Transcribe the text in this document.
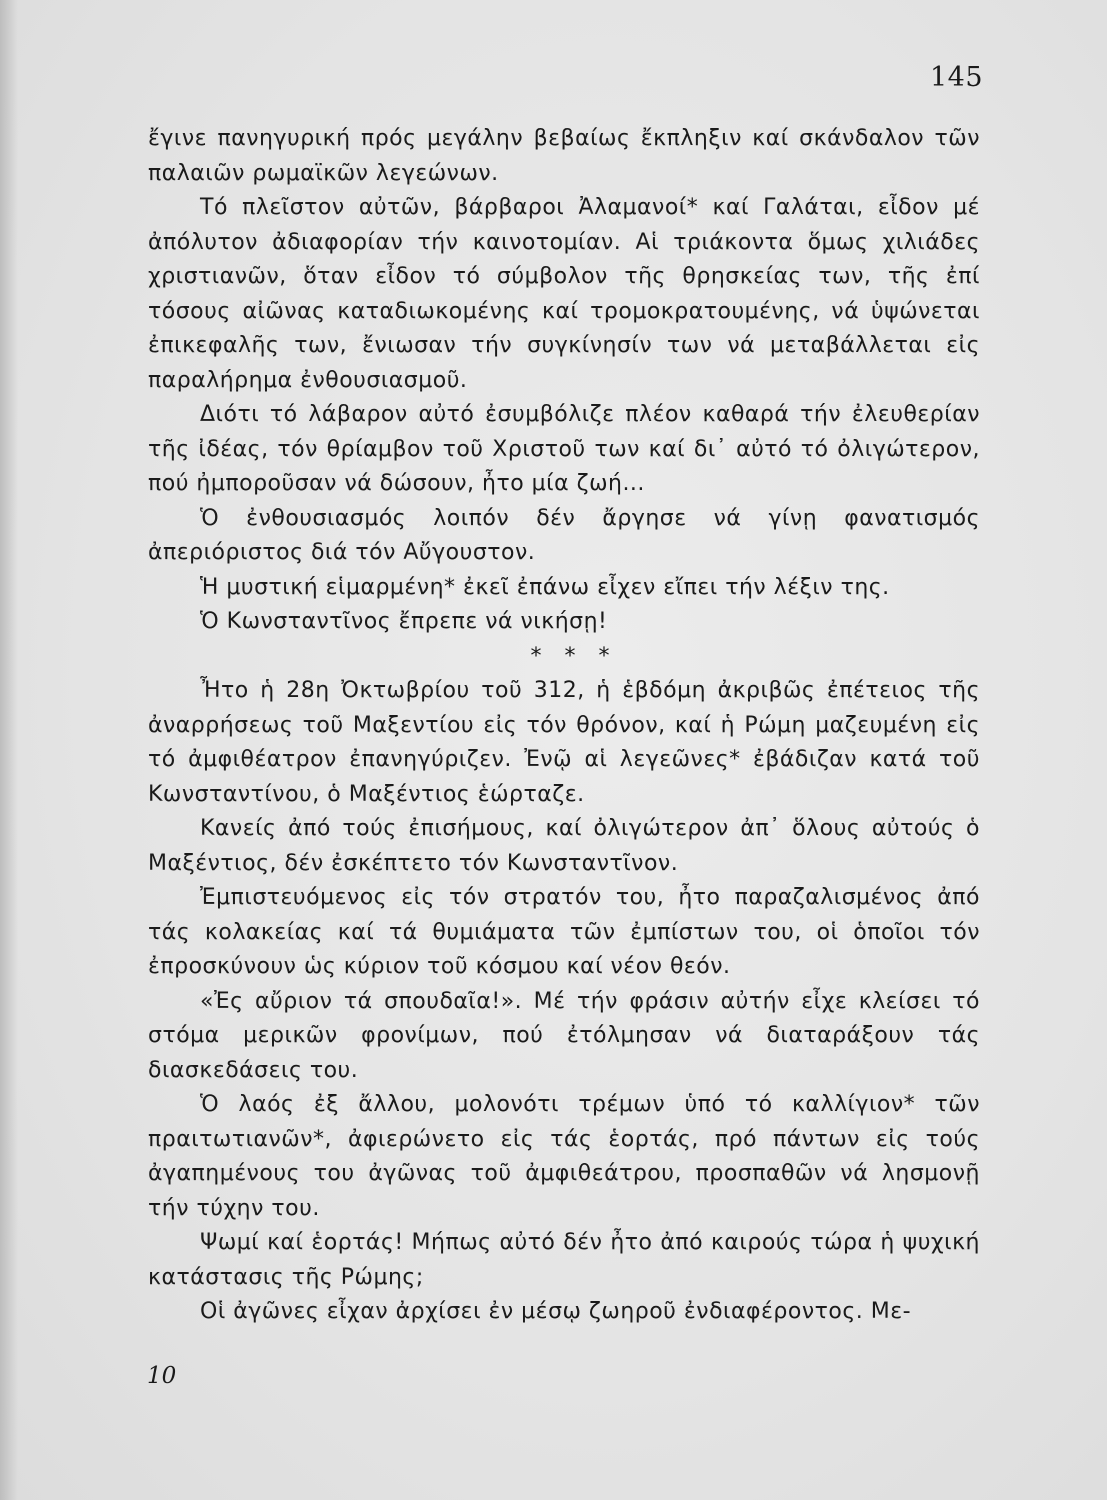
145

ἔγινε πανηγυρική πρός μεγάλην βεβαίως ἔκπληξιν καί σκάνδαλον τῶν παλαιῶν ρωμαϊκῶν λεγεώνων.

Τό πλεῖστον αὐτῶν, βάρβαροι Ἀλαμανοί* καί Γαλάται, εἶδον μέ ἀπόλυτον ἀδιαφορίαν τήν καινοτομίαν. Αἱ τριάκοντα ὅμως χιλιάδες χριστιανῶν, ὅταν εἶδον τό σύμβολον τῆς θρησκείας των, τῆς ἐπί τόσους αἰῶνας καταδιωκομένης καί τρομοκρατουμένης, νά ὑψώνεται ἐπικεφαλῆς των, ἔνιωσαν τήν συγκίνησίν των νά μεταβάλλεται εἰς παραλήρημα ἐνθουσιασμοῦ.

Διότι τό λάβαρον αὐτό ἐσυμβόλιζε πλέον καθαρά τήν ἐλευθερίαν τῆς ἰδέας, τόν θρίαμβον τοῦ Χριστοῦ των καί δι᾽ αὐτό τό ὀλιγώτερον, πού ἠμποροῦσαν νά δώσουν, ἦτο μία ζωή...

Ὁ ἐνθουσιασμός λοιπόν δέν ἄργησε νά γίνῃ φανατισμός ἀπεριόριστος διά τόν Αὔγουστον.

Ἡ μυστική εἱμαρμένη* ἐκεῖ ἐπάνω εἶχεν εἴπει τήν λέξιν της.

Ὁ Κωνσταντῖνος ἔπρεπε νά νικήσῃ!

* * *

Ἦτο ἡ 28η Ὀκτωβρίου τοῦ 312, ἡ ἑβδόμη ἀκριβῶς ἐπέτειος τῆς ἀναρρήσεως τοῦ Μαξεντίου εἰς τόν θρόνον, καί ἡ Ρώμη μαζευμένη εἰς τό ἀμφιθέατρον ἐπανηγύριζεν. Ἐνῷ αἱ λεγεῶνες* ἐβάδιζαν κατά τοῦ Κωνσταντίνου, ὁ Μαξέντιος ἑώρταζε.

Κανείς ἀπό τούς ἐπισήμους, καί ὀλιγώτερον ἀπ᾽ ὅλους αὐτούς ὁ Μαξέντιος, δέν ἐσκέπτετο τόν Κωνσταντῖνον.

Ἐμπιστευόμενος εἰς τόν στρατόν του, ἦτο παραζαλισμένος ἀπό τάς κολακείας καί τά θυμιάματα τῶν ἐμπίστων του, οἱ ὁποῖοι τόν ἐπροσκύνουν ὡς κύριον τοῦ κόσμου καί νέον θεόν.

«Ἐς αὔριον τά σπουδαῖα!». Μέ τήν φράσιν αὐτήν εἶχε κλείσει τό στόμα μερικῶν φρονίμων, πού ἐτόλμησαν νά διαταράξουν τάς διασκεδάσεις του.

Ὁ λαός ἐξ ἄλλου, μολονότι τρέμων ὑπό τό καλλίγιον* τῶν πραιτωτιανῶν*, ἀφιερώνετο εἰς τάς ἑορτάς, πρό πάντων εἰς τούς ἀγαπημένους του ἀγῶνας τοῦ ἀμφιθεάτρου, προσπαθῶν νά λησμονῇ τήν τύχην του.

Ψωμί καί ἑορτάς! Μήπως αὐτό δέν ἦτο ἀπό καιρούς τώρα ἡ ψυχική κατάστασις τῆς Ρώμης;

Οἱ ἀγῶνες εἶχαν ἀρχίσει ἐν μέσῳ ζωηροῦ ἐνδιαφέροντος. Με-

10
